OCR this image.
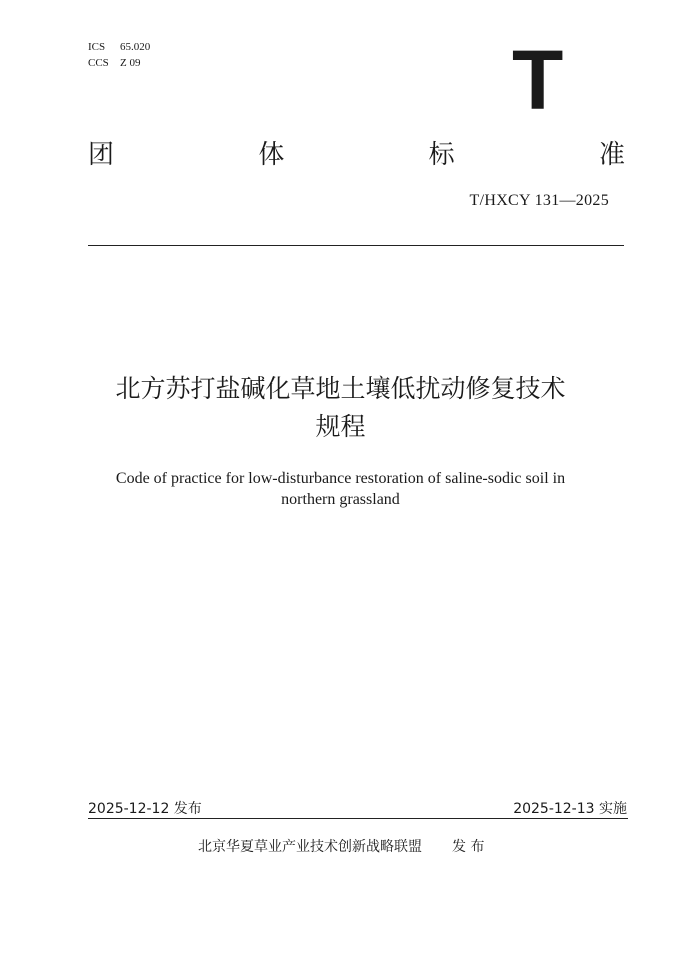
ICS 65.020
CCS Z 09	T
团	体	标	准
T/HXCY 131—2025
北方苏打盐碱化草地土壤低扰动修复技术
规程
Code of practice for low-disturbance restoration of saline-sodic soil in
northern grassland
2025-12-12 发布	2025-12-13 实施
北京华夏草业产业技术创新战略联盟 发 布
